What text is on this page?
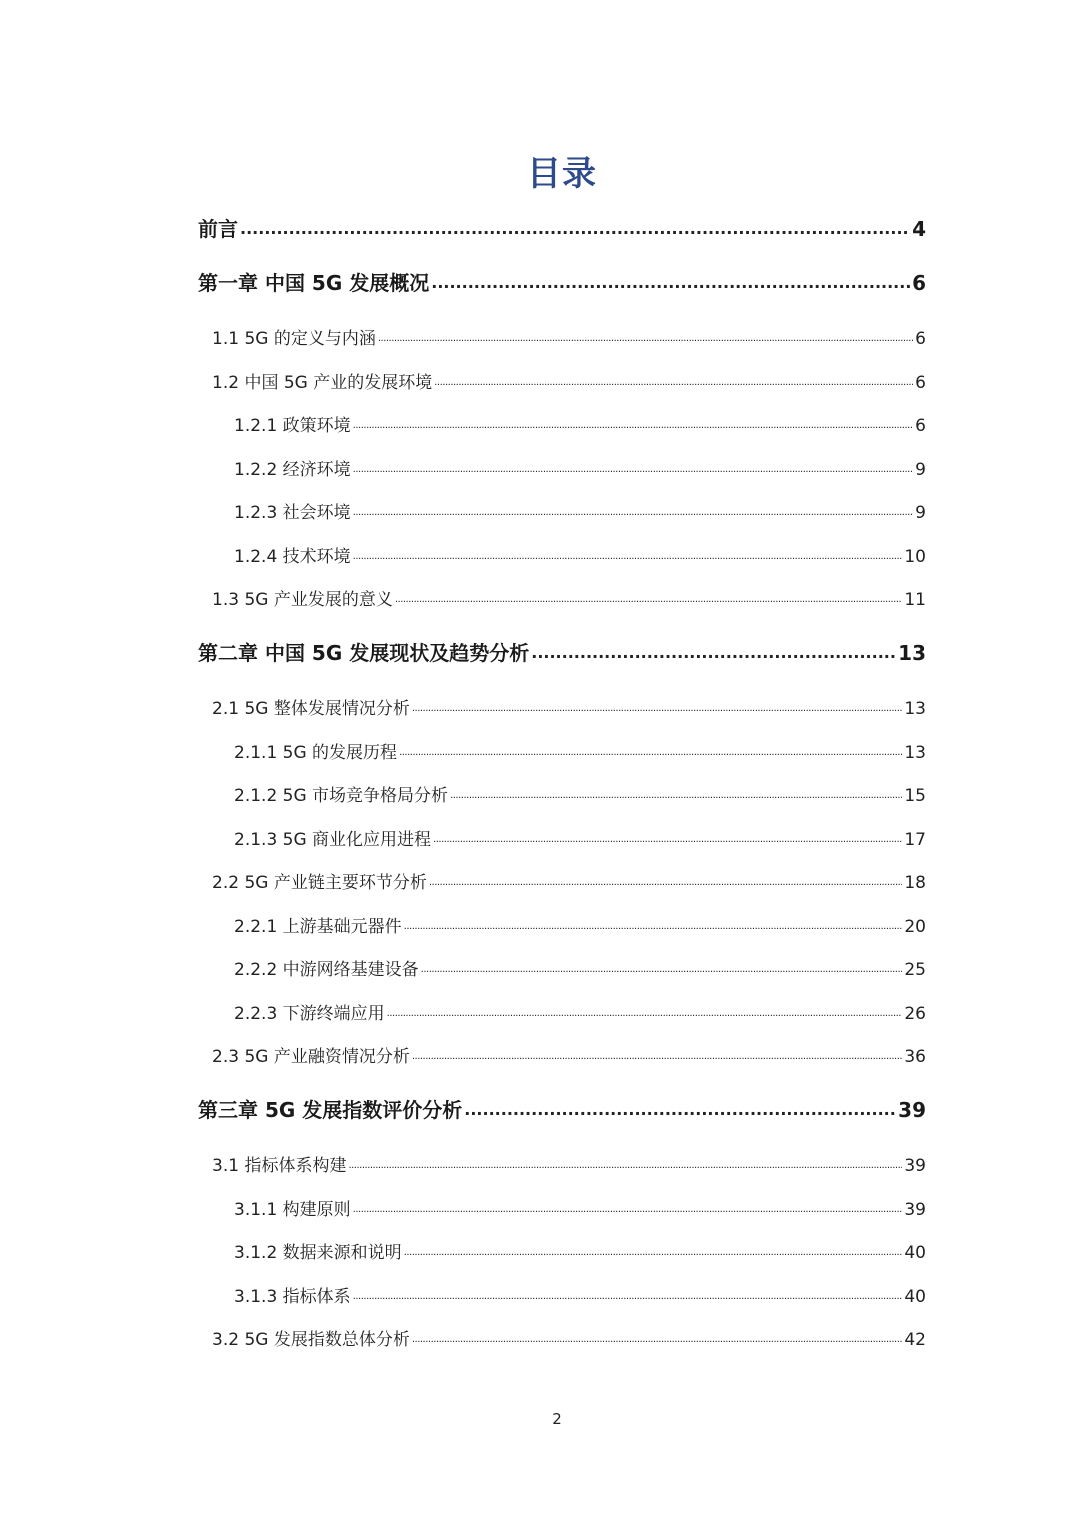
目录
前言 .....	4
第一章 中国 5G 发展概况 .....	6
1.1 5G 的定义与内涵 .....	6
1.2 中国 5G 产业的发展环境 .....	6
1.2.1 政策环境 .....	6
1.2.2 经济环境 .....	9
1.2.3 社会环境 .....	9
1.2.4 技术环境 .....	10
1.3 5G 产业发展的意义 .....	11
第二章 中国 5G 发展现状及趋势分析 .....	13
2.1 5G 整体发展情况分析 .....	13
2.1.1 5G 的发展历程 .....	13
2.1.2 5G 市场竞争格局分析 .....	15
2.1.3 5G 商业化应用进程 .....	17
2.2 5G 产业链主要环节分析 .....	18
2.2.1 上游基础元器件 .....	20
2.2.2 中游网络基建设备 .....	25
2.2.3 下游终端应用 .....	26
2.3 5G 产业融资情况分析 .....	36
第三章 5G 发展指数评价分析 .....	39
3.1 指标体系构建 .....	39
3.1.1 构建原则 .....	39
3.1.2 数据来源和说明 .....	40
3.1.3 指标体系 .....	40
3.2 5G 发展指数总体分析 .....	42
2
